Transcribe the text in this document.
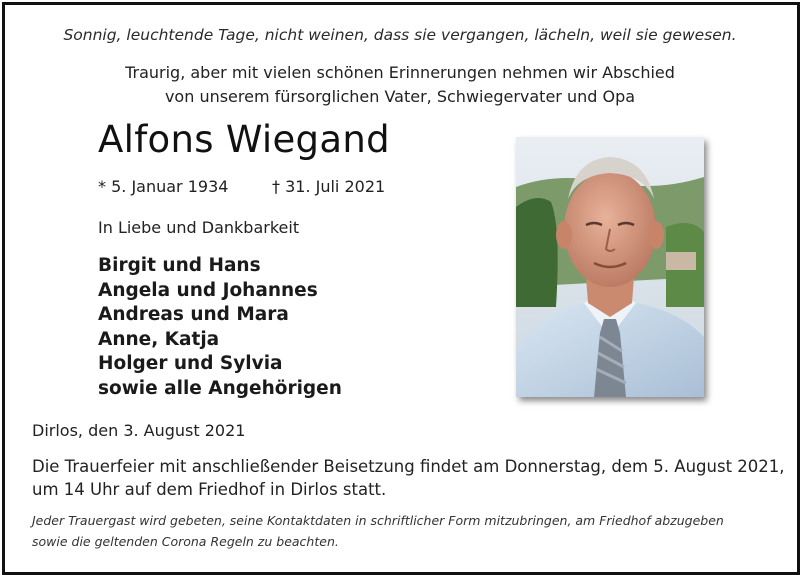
Sonnig, leuchtende Tage, nicht weinen, dass sie vergangen, lächeln, weil sie gewesen.
Traurig, aber mit vielen schönen Erinnerungen nehmen wir Abschied
von unserem fürsorglichen Vater, Schwiegervater und Opa
Alfons Wiegand
* 5. Januar 1934	† 31. Juli 2021
In Liebe und Dankbarkeit
Birgit und Hans
Angela und Johannes
Andreas und Mara
Anne, Katja
Holger und Sylvia
sowie alle Angehörigen
Dirlos, den 3. August 2021
Die Trauerfeier mit anschließender Beisetzung findet am Donnerstag, dem 5. August 2021,
um 14 Uhr auf dem Friedhof in Dirlos statt.
Jeder Trauergast wird gebeten, seine Kontaktdaten in schriftlicher Form mitzubringen, am Friedhof abzugeben
sowie die geltenden Corona Regeln zu beachten.
